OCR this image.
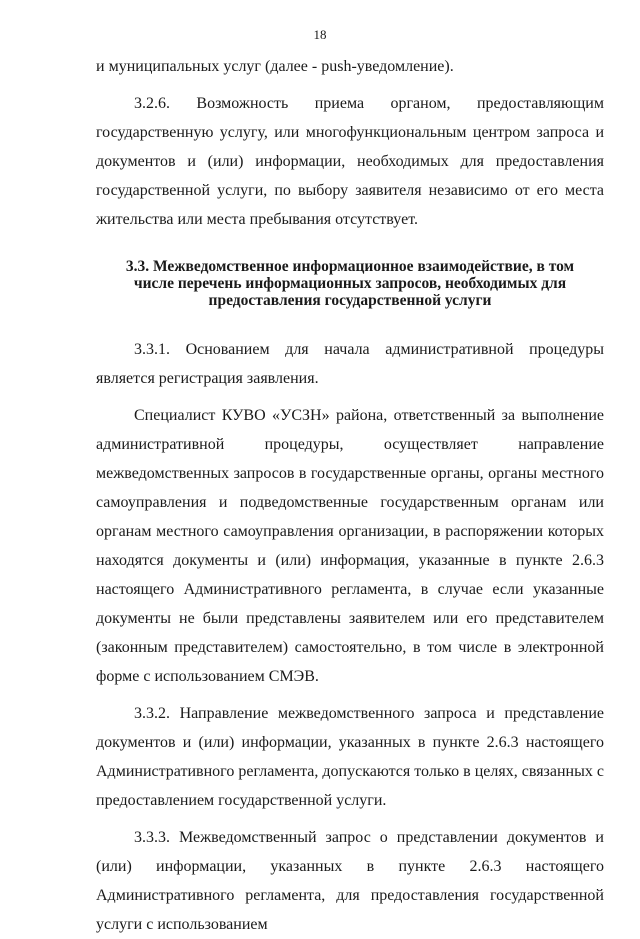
18

и муниципальных услуг (далее - push-уведомление).

3.2.6. Возможность приема органом, предоставляющим государственную услугу, или многофункциональным центром запроса и документов и (или) информации, необходимых для предоставления государственной услуги, по выбору заявителя независимо от его места жительства или места пребывания отсутствует.

3.3. Межведомственное информационное взаимодействие, в том
числе перечень информационных запросов, необходимых для
предоставления государственной услуги

3.3.1. Основанием для начала административной процедуры является регистрация заявления.

Специалист КУВО «УСЗН» района, ответственный за выполнение административной процедуры, осуществляет направление межведомственных запросов в государственные органы, органы местного самоуправления и подведомственные государственным органам или органам местного самоуправления организации, в распоряжении которых находятся документы и (или) информация, указанные в пункте 2.6.3 настоящего Административного регламента, в случае если указанные документы не были представлены заявителем или его представителем (законным представителем) самостоятельно, в том числе в электронной форме с использованием СМЭВ.

3.3.2. Направление межведомственного запроса и представление документов и (или) информации, указанных в пункте 2.6.3 настоящего Административного регламента, допускаются только в целях, связанных с предоставлением государственной услуги.

3.3.3. Межведомственный запрос о представлении документов и (или) информации, указанных в пункте 2.6.3 настоящего Административного регламента, для предоставления государственной услуги с использованием
